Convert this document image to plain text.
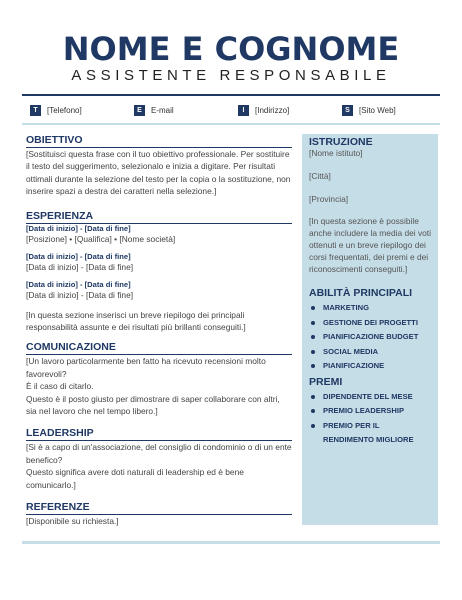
NOME E COGNOME
ASSISTENTE RESPONSABILE
T	[Telefono]	E	E-mail	I	[Indirizzo]	S	[Sito Web]
OBIETTIVO

[Sostituisci questa frase con il tuo obiettivo professionale. Per sostituire il testo del suggerimento, selezionalo e inizia a digitare. Per risultati ottimali durante la selezione del testo per la copia o la sostituzione, non inserire spazi a destra dei caratteri nella selezione.]

ESPERIENZA
[Data di inizio] - [Data di fine]
[Posizione] • [Qualifica] • [Nome società]
[Data di inizio] - [Data di fine]
[Data di inizio] - [Data di fine]
[Data di inizio] - [Data di fine]
[Data di inizio] - [Data di fine]

[In questa sezione inserisci un breve riepilogo dei principali responsabilità assunte e dei risultati più brillanti conseguiti.]

COMUNICAZIONE

[Un lavoro particolarmente ben fatto ha ricevuto recensioni molto favorevoli?

È il caso di citarlo.

Questo è il posto giusto per dimostrare di saper collaborare con altri, sia nel lavoro che nel tempo libero.]

LEADERSHIP

[Si è a capo di un'associazione, del consiglio di condominio o di un ente benefico?

Questo significa avere doti naturali di leadership ed è bene comunicarlo.]

REFERENZE

[Disponibile su richiesta.]

ISTRUZIONE

[Nome istituto]

[Città]

[Provincia]

[In questa sezione è possibile anche includere la media dei voti ottenuti e un breve riepilogo dei corsi frequentati, dei premi e dei riconoscimenti conseguiti.]

ABILITÀ PRINCIPALI
MARKETING
GESTIONE DEI PROGETTI
PIANIFICAZIONE BUDGET
SOCIAL MEDIA
PIANIFICAZIONE
PREMI
DIPENDENTE DEL MESE
PREMIO LEADERSHIP
PREMIO PER IL RENDIMENTO MIGLIORE
